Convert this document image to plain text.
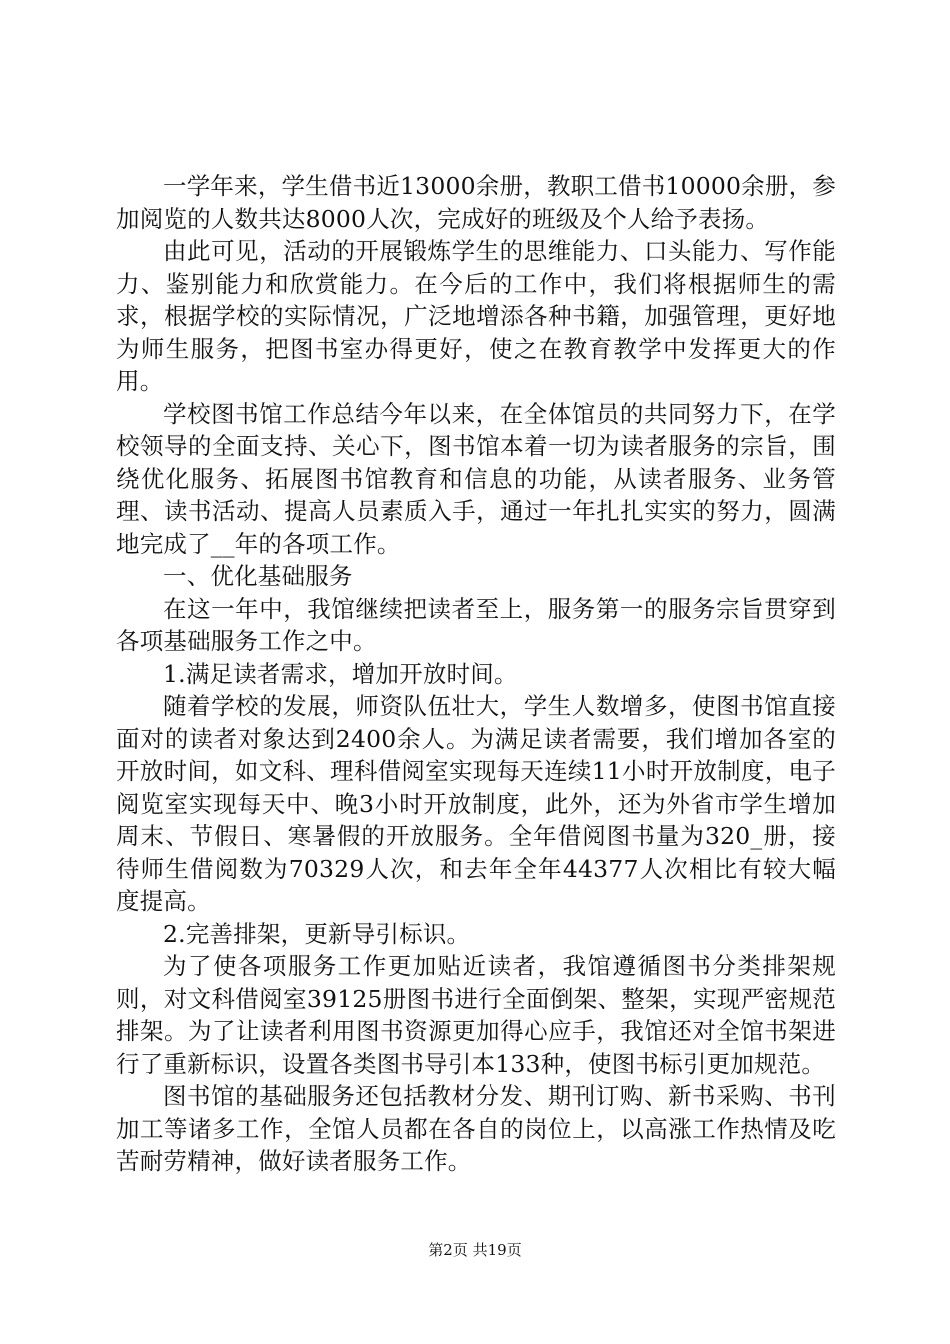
一学年来，学生借书近13000余册，教职工借书10000余册，参加阅览的人数共达8000人次，完成好的班级及个人给予表扬。

由此可见，活动的开展锻炼学生的思维能力、口头能力、写作能力、鉴别能力和欣赏能力。在今后的工作中，我们将根据师生的需求，根据学校的实际情况，广泛地增添各种书籍，加强管理，更好地为师生服务，把图书室办得更好，使之在教育教学中发挥更大的作用。

学校图书馆工作总结今年以来，在全体馆员的共同努力下，在学校领导的全面支持、关心下，图书馆本着一切为读者服务的宗旨，围绕优化服务、拓展图书馆教育和信息的功能，从读者服务、业务管理、读书活动、提高人员素质入手，通过一年扎扎实实的努力，圆满地完成了__年的各项工作。

一、优化基础服务

在这一年中，我馆继续把读者至上，服务第一的服务宗旨贯穿到各项基础服务工作之中。

1.满足读者需求，增加开放时间。

随着学校的发展，师资队伍壮大，学生人数增多，使图书馆直接面对的读者对象达到2400余人。为满足读者需要，我们增加各室的开放时间，如文科、理科借阅室实现每天连续11小时开放制度，电子阅览室实现每天中、晚3小时开放制度，此外，还为外省市学生增加周末、节假日、寒暑假的开放服务。全年借阅图书量为320_册，接待师生借阅数为70329人次，和去年全年44377人次相比有较大幅度提高。

2.完善排架，更新导引标识。

为了使各项服务工作更加贴近读者，我馆遵循图书分类排架规则，对文科借阅室39125册图书进行全面倒架、整架，实现严密规范排架。为了让读者利用图书资源更加得心应手，我馆还对全馆书架进行了重新标识，设置各类图书导引本133种，使图书标引更加规范。

图书馆的基础服务还包括教材分发、期刊订购、新书采购、书刊加工等诸多工作，全馆人员都在各自的岗位上，以高涨工作热情及吃苦耐劳精神，做好读者服务工作。

第2页 共19页
